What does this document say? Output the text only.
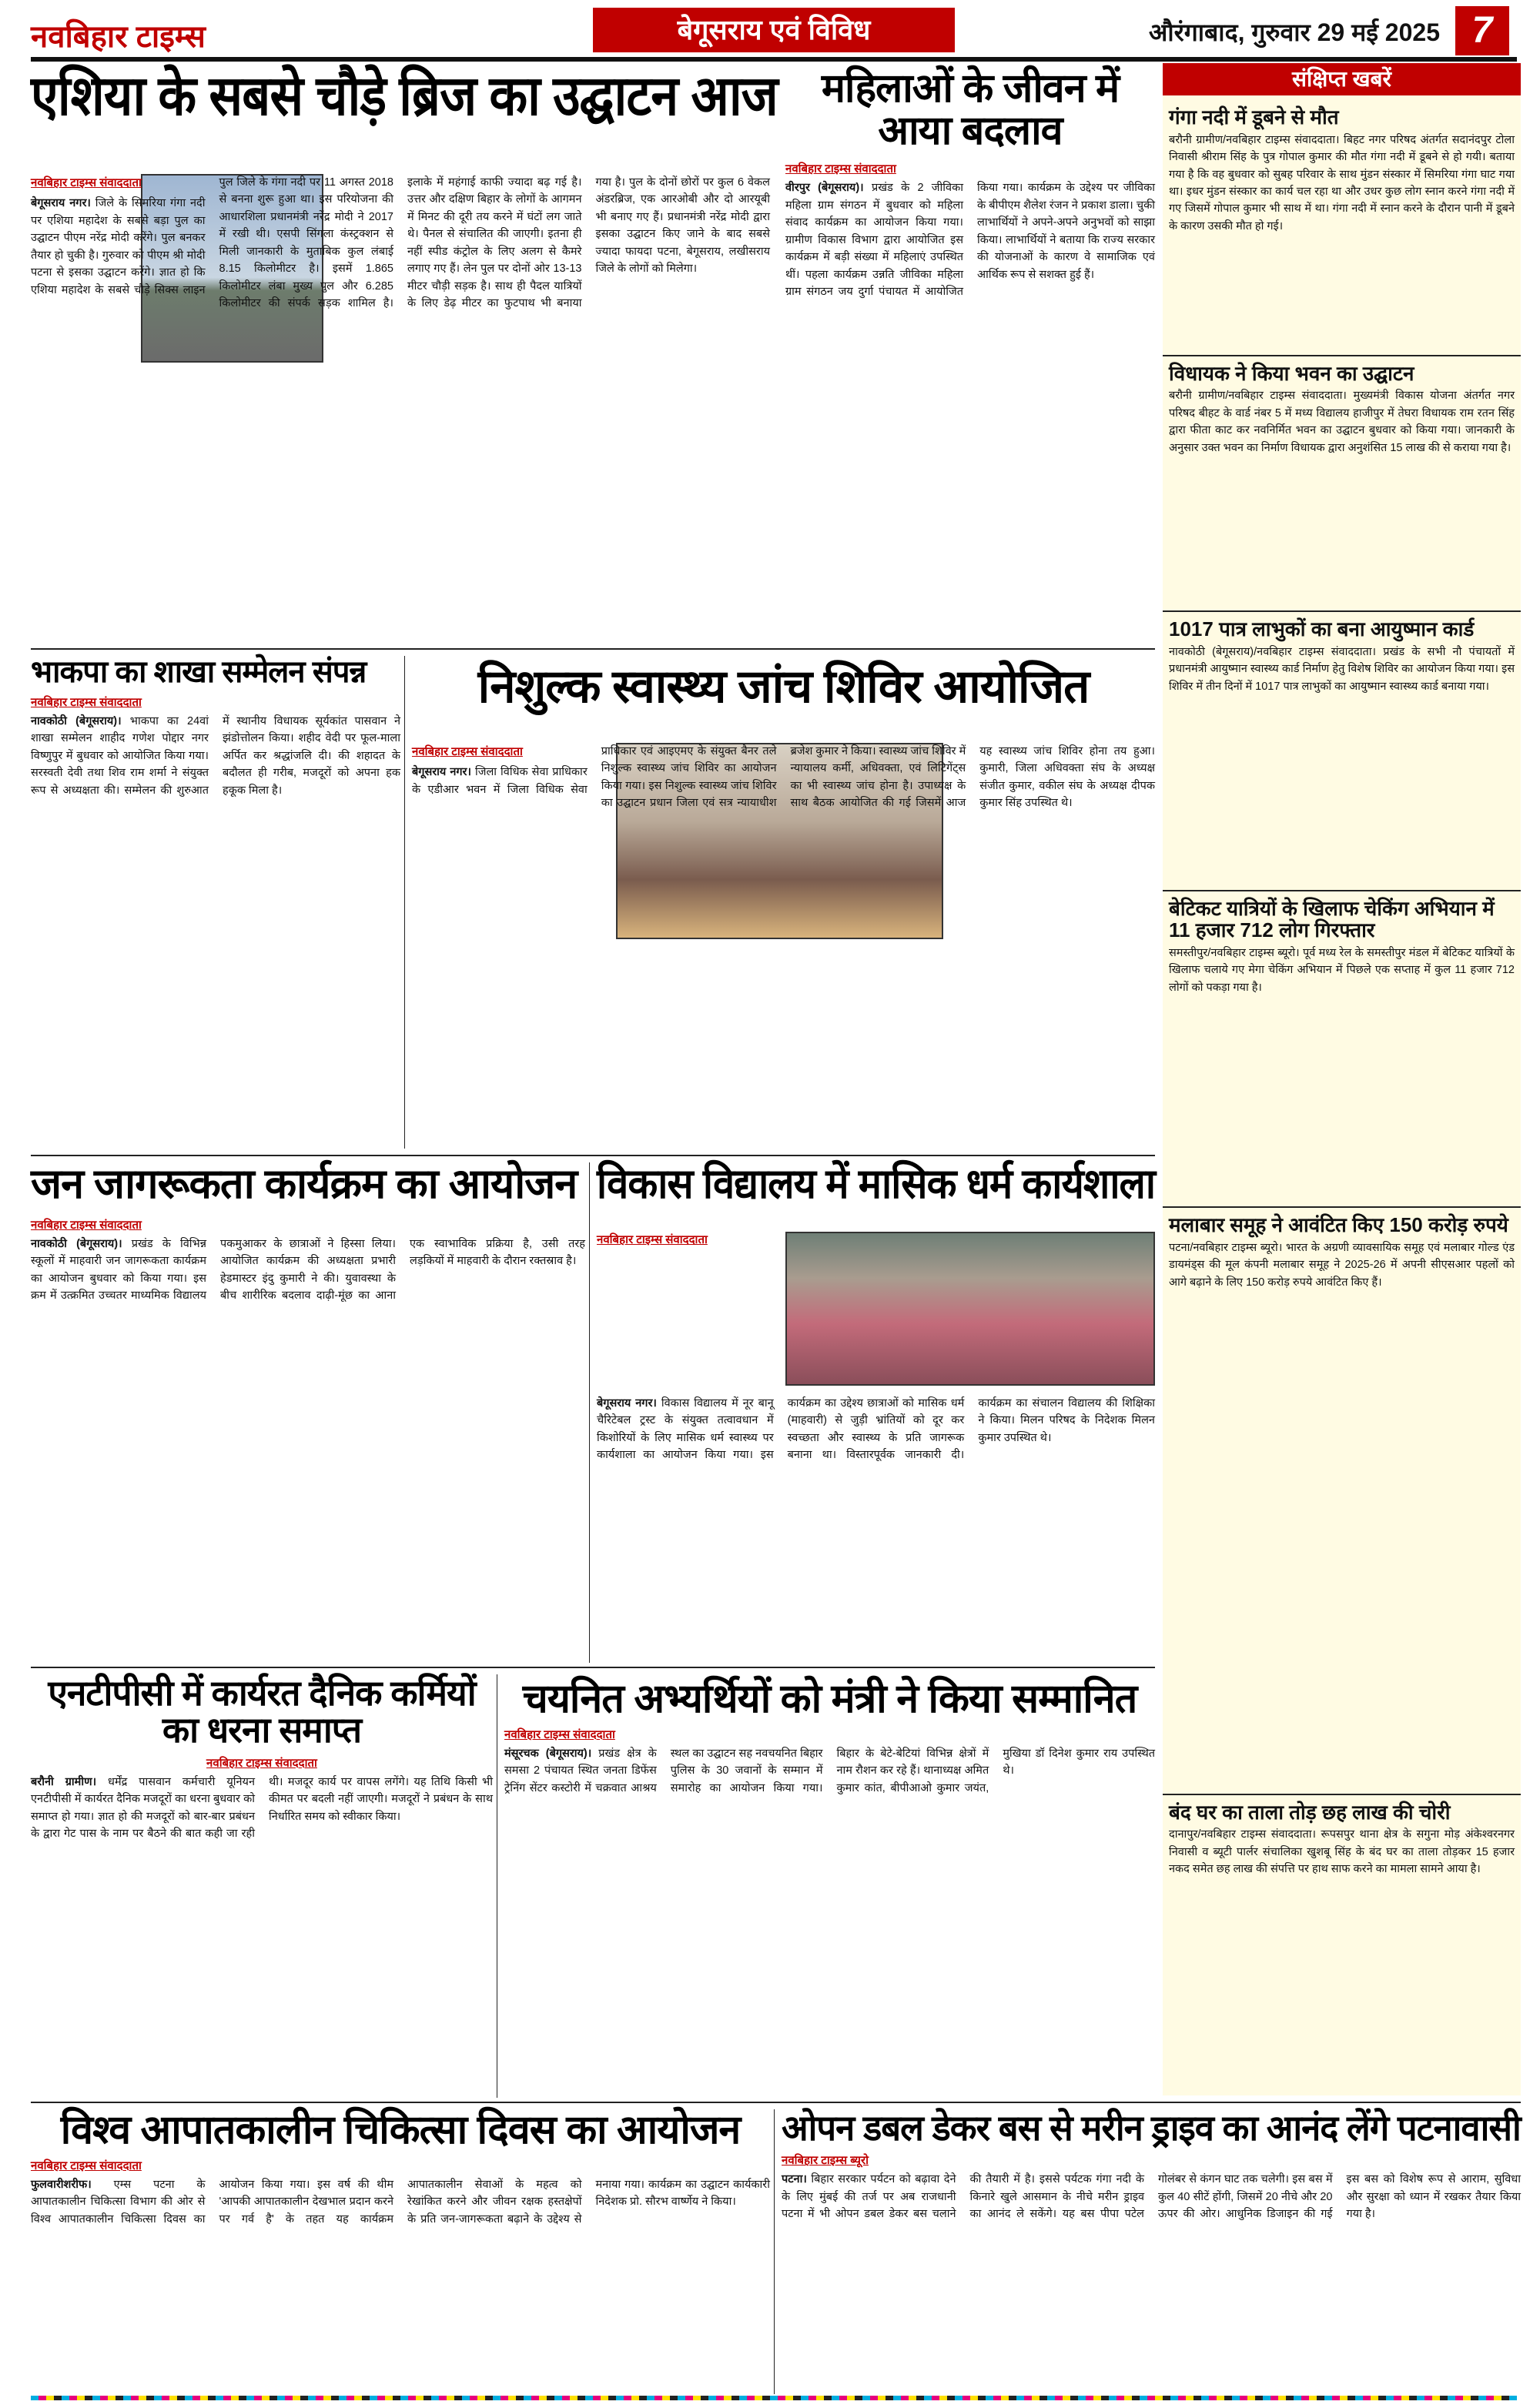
नवबिहार टाइम्स	बेगूसराय एवं विविध	औरंगाबाद, गुरुवार 29 मई 2025 7
एशिया के सबसे चौड़े ब्रिज का उद्घाटन आज
नवबिहार टाइम्स संवाददाता
बेगूसराय नगर। जिले के सिमरिया गंगा नदी पर एशिया महादेश के सबसे बड़ा पुल का उद्घाटन पीएम नरेंद्र मोदी करेंगे। पुल बनकर तैयार हो चुकी है। गुरुवार को पीएम श्री मोदी पटना से इसका उद्घाटन करेंगे। ज्ञात हो कि एशिया महादेश के सबसे चौड़े सिक्स लाइन पुल जिले के गंगा नदी पर 11 अगस्त 2018 से बनना शुरू हुआ था। इस परियोजना की आधारशिला प्रधानमंत्री नरेंद्र मोदी ने 2017 में रखी थी। एसपी सिंगला कंस्ट्रक्शन से मिली जानकारी के मुताबिक कुल लंबाई 8.15 किलोमीटर है। इसमें 1.865 किलोमीटर लंबा मुख्य पुल और 6.285 किलोमीटर की संपर्क सड़क शामिल है। इलाके में महंगाई काफी ज्यादा बढ़ गई है। उत्तर और दक्षिण बिहार के लोगों के आगमन में मिनट की दूरी तय करने में घंटों लग जाते थे। पैनल से संचालित की जाएगी। इतना ही नहीं स्पीड कंट्रोल के लिए अलग से कैमरे लगाए गए हैं। लेन पुल पर दोनों ओर 13-13 मीटर चौड़ी सड़क है। साथ ही पैदल यात्रियों के लिए डेढ़ मीटर का फुटपाथ भी बनाया गया है। पुल के दोनों छोरों पर कुल 6 वेकल अंडरब्रिज, एक आरओबी और दो आरयूबी भी बनाए गए हैं। प्रधानमंत्री नरेंद्र मोदी द्वारा इसका उद्घाटन किए जाने के बाद सबसे ज्यादा फायदा पटना, बेगूसराय, लखीसराय जिले के लोगों को मिलेगा।
महिलाओं के जीवन में आया बदलाव
नवबिहार टाइम्स संवाददाता
वीरपुर (बेगूसराय)। प्रखंड के 2 जीविका महिला ग्राम संगठन में बुधवार को महिला संवाद कार्यक्रम का आयोजन किया गया। ग्रामीण विकास विभाग द्वारा आयोजित इस कार्यक्रम में बड़ी संख्या में महिलाएं उपस्थित थीं। पहला कार्यक्रम उन्नति जीविका महिला ग्राम संगठन जय दुर्गा पंचायत में आयोजित किया गया। कार्यक्रम के उद्देश्य पर जीविका के बीपीएम शैलेश रंजन ने प्रकाश डाला। चुकी लाभार्थियों ने अपने-अपने अनुभवों को साझा किया। लाभार्थियों ने बताया कि राज्य सरकार की योजनाओं के कारण वे सामाजिक एवं आर्थिक रूप से सशक्त हुई हैं।
भाकपा का शाखा सम्मेलन संपन्न
नवबिहार टाइम्स संवाददाता
नावकोठी (बेगूसराय)। भाकपा का 24वां शाखा सम्मेलन शाहीद गणेश पोद्दार नगर विष्णुपुर में बुधवार को आयोजित किया गया। सरस्वती देवी तथा शिव राम शर्मा ने संयुक्त रूप से अध्यक्षता की। सम्मेलन की शुरुआत में स्थानीय विधायक सूर्यकांत पासवान ने झंडोत्तोलन किया। शहीद वेदी पर फूल-माला अर्पित कर श्रद्धांजलि दी। की शहादत के बदौलत ही गरीब, मजदूरों को अपना हक हकूक मिला है।
निशुल्क स्वास्थ्य जांच शिविर आयोजित
नवबिहार टाइम्स संवाददाता
बेगूसराय नगर। जिला विधिक सेवा प्राधिकार के एडीआर भवन में जिला विधिक सेवा प्राधिकार एवं आइएमए के संयुक्त बैनर तले निशुल्क स्वास्थ्य जांच शिविर का आयोजन किया गया। इस निशुल्क स्वास्थ्य जांच शिविर का उद्घाटन प्रधान जिला एवं सत्र न्यायाधीश ब्रजेश कुमार ने किया। स्वास्थ्य जांच शिविर में न्यायालय कर्मी, अधिवक्ता, एवं लिटिगेंट्स का भी स्वास्थ्य जांच होना है। उपाध्यक्ष के साथ बैठक आयोजित की गई जिसमें आज यह स्वास्थ्य जांच शिविर होना तय हुआ। कुमारी, जिला अधिवक्ता संघ के अध्यक्ष संजीत कुमार, वकील संघ के अध्यक्ष दीपक कुमार सिंह उपस्थित थे।
जन जागरूकता कार्यक्रम का आयोजन
नवबिहार टाइम्स संवाददाता
नावकोठी (बेगूसराय)। प्रखंड के विभिन्न स्कूलों में माहवारी जन जागरूकता कार्यक्रम का आयोजन बुधवार को किया गया। इस क्रम में उत्क्रमित उच्चतर माध्यमिक विद्यालय पकमुआकर के छात्राओं ने हिस्सा लिया। आयोजित कार्यक्रम की अध्यक्षता प्रभारी हेडमास्टर इंदु कुमारी ने की। युवावस्था के बीच शारीरिक बदलाव दाढ़ी-मूंछ का आना एक स्वाभाविक प्रक्रिया है, उसी तरह लड़कियों में माहवारी के दौरान रक्तस्राव है।
विकास विद्यालय में मासिक धर्म कार्यशाला
नवबिहार टाइम्स संवाददाता
बेगूसराय नगर। विकास विद्यालय में नूर बानू चैरिटेबल ट्रस्ट के संयुक्त तत्वावधान में किशोरियों के लिए मासिक धर्म स्वास्थ्य पर कार्यशाला का आयोजन किया गया। इस कार्यक्रम का उद्देश्य छात्राओं को मासिक धर्म (माहवारी) से जुड़ी भ्रांतियों को दूर कर स्वच्छता और स्वास्थ्य के प्रति जागरूक बनाना था। विस्तारपूर्वक जानकारी दी। कार्यक्रम का संचालन विद्यालय की शिक्षिका ने किया। मिलन परिषद के निदेशक मिलन कुमार उपस्थित थे।
एनटीपीसी में कार्यरत दैनिक कर्मियों का धरना समाप्त
नवबिहार टाइम्स संवाददाता
बरौनी ग्रामीण। धर्मेंद्र पासवान कर्मचारी यूनियन एनटीपीसी में कार्यरत दैनिक मजदूरों का धरना बुधवार को समाप्त हो गया। ज्ञात हो की मजदूरों को बार-बार प्रबंधन के द्वारा गेट पास के नाम पर बैठने की बात कही जा रही थी। मजदूर कार्य पर वापस लगेंगे। यह तिथि किसी भी कीमत पर बदली नहीं जाएगी। मजदूरों ने प्रबंधन के साथ निर्धारित समय को स्वीकार किया।
चयनित अभ्यर्थियों को मंत्री ने किया सम्मानित
नवबिहार टाइम्स संवाददाता
मंसूरचक (बेगूसराय)। प्रखंड क्षेत्र के समसा 2 पंचायत स्थित जनता डिफेंस ट्रेनिंग सेंटर कस्टोरी में चक्रवात आश्रय स्थल का उद्घाटन सह नवचयनित बिहार पुलिस के 30 जवानों के सम्मान में समारोह का आयोजन किया गया। बिहार के बेटे-बेटियां विभिन्न क्षेत्रों में नाम रौशन कर रहे हैं। थानाध्यक्ष अमित कुमार कांत, बीपीआओ कुमार जयंत, मुखिया डॉ दिनेश कुमार राय उपस्थित थे।
विश्व आपातकालीन चिकित्सा दिवस का आयोजन
नवबिहार टाइम्स संवाददाता
फुलवारीशरीफ। एम्स पटना के आपातकालीन चिकित्सा विभाग की ओर से विश्व आपातकालीन चिकित्सा दिवस का आयोजन किया गया। इस वर्ष की थीम 'आपकी आपातकालीन देखभाल प्रदान करने पर गर्व है' के तहत यह कार्यक्रम आपातकालीन सेवाओं के महत्व को रेखांकित करने और जीवन रक्षक हस्तक्षेपों के प्रति जन-जागरूकता बढ़ाने के उद्देश्य से मनाया गया। कार्यक्रम का उद्घाटन कार्यकारी निदेशक प्रो. सौरभ वार्ष्णेय ने किया।
ओपन डबल डेकर बस से मरीन ड्राइव का आनंद लेंगे पटनावासी
नवबिहार टाइम्स ब्यूरो
पटना। बिहार सरकार पर्यटन को बढ़ावा देने के लिए मुंबई की तर्ज पर अब राजधानी पटना में भी ओपन डबल डेकर बस चलाने की तैयारी में है। इससे पर्यटक गंगा नदी के किनारे खुले आसमान के नीचे मरीन ड्राइव का आनंद ले सकेंगे। यह बस पीपा पटेल गोलंबर से कंगन घाट तक चलेगी। इस बस में कुल 40 सीटें होंगी, जिसमें 20 नीचे और 20 ऊपर की ओर। आधुनिक डिजाइन की गई इस बस को विशेष रूप से आराम, सुविधा और सुरक्षा को ध्यान में रखकर तैयार किया गया है।
संक्षिप्त खबरें
गंगा नदी में डूबने से मौत
बरौनी ग्रामीण/नवबिहार टाइम्स संवाददाता। बिहट नगर परिषद अंतर्गत सदानंदपुर टोला निवासी श्रीराम सिंह के पुत्र गोपाल कुमार की मौत गंगा नदी में डूबने से हो गयी। बताया गया है कि वह बुधवार को सुबह परिवार के साथ मुंडन संस्कार में सिमरिया गंगा घाट गया था। इधर मुंडन संस्कार का कार्य चल रहा था और उधर कुछ लोग स्नान करने गंगा नदी में गए जिसमें गोपाल कुमार भी साथ में था। गंगा नदी में स्नान करने के दौरान पानी में डूबने के कारण उसकी मौत हो गई।
विधायक ने किया भवन का उद्घाटन
बरौनी ग्रामीण/नवबिहार टाइम्स संवाददाता। मुख्यमंत्री विकास योजना अंतर्गत नगर परिषद बीहट के वार्ड नंबर 5 में मध्य विद्यालय हाजीपुर में तेघरा विधायक राम रतन सिंह द्वारा फीता काट कर नवनिर्मित भवन का उद्घाटन बुधवार को किया गया। जानकारी के अनुसार उक्त भवन का निर्माण विधायक द्वारा अनुशंसित 15 लाख की से कराया गया है।
1017 पात्र लाभुकों का बना आयुष्मान कार्ड
नावकोठी (बेगूसराय)/नवबिहार टाइम्स संवाददाता। प्रखंड के सभी नौ पंचायतों में प्रधानमंत्री आयुष्मान स्वास्थ्य कार्ड निर्माण हेतु विशेष शिविर का आयोजन किया गया। इस शिविर में तीन दिनों में 1017 पात्र लाभुकों का आयुष्मान स्वास्थ्य कार्ड बनाया गया।
बेटिकट यात्रियों के खिलाफ चेकिंग अभियान में 11 हजार 712 लोग गिरफ्तार
समस्तीपुर/नवबिहार टाइम्स ब्यूरो। पूर्व मध्य रेल के समस्तीपुर मंडल में बेटिकट यात्रियों के खिलाफ चलाये गए मेगा चेकिंग अभियान में पिछले एक सप्ताह में कुल 11 हजार 712 लोगों को पकड़ा गया है।
मलाबार समूह ने आवंटित किए 150 करोड़ रुपये
पटना/नवबिहार टाइम्स ब्यूरो। भारत के अग्रणी व्यावसायिक समूह एवं मलाबार गोल्ड एंड डायमंड्स की मूल कंपनी मलाबार समूह ने 2025-26 में अपनी सीएसआर पहलों को आगे बढ़ाने के लिए 150 करोड़ रुपये आवंटित किए हैं।
बंद घर का ताला तोड़ छह लाख की चोरी
दानापुर/नवबिहार टाइम्स संवाददाता। रूपसपुर थाना क्षेत्र के सगुना मोड़ अंकेश्वरनगर निवासी व ब्यूटी पार्लर संचालिका खुशबू सिंह के बंद घर का ताला तोड़कर 15 हजार नकद समेत छह लाख की संपत्ति पर हाथ साफ करने का मामला सामने आया है।
